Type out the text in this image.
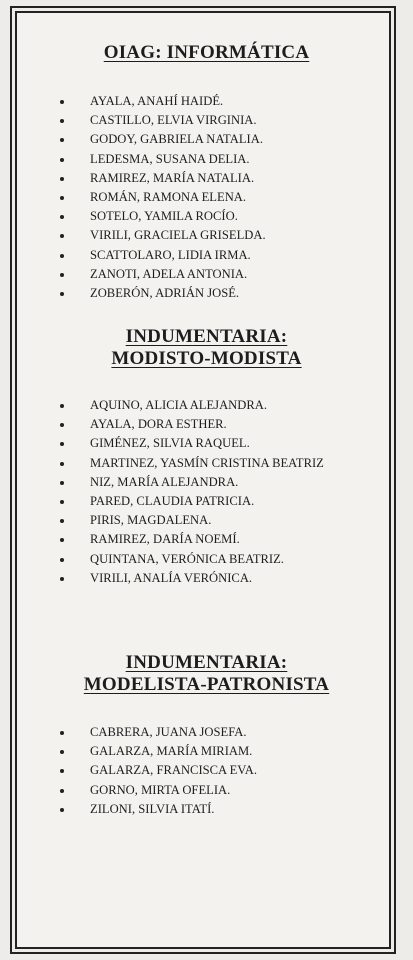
OIAG: INFORMÁTICA
AYALA, ANAHÍ HAIDÉ.
CASTILLO, ELVIA VIRGINIA.
GODOY, GABRIELA NATALIA.
LEDESMA, SUSANA DELIA.
RAMIREZ, MARÍA NATALIA.
ROMÁN, RAMONA ELENA.
SOTELO, YAMILA ROCÍO.
VIRILI, GRACIELA GRISELDA.
SCATTOLARO, LIDIA IRMA.
ZANOTI, ADELA ANTONIA.
ZOBERÓN, ADRIÁN JOSÉ.
INDUMENTARIA:
MODISTO-MODISTA
AQUINO, ALICIA ALEJANDRA.
AYALA, DORA ESTHER.
GIMÉNEZ, SILVIA RAQUEL.
MARTINEZ, YASMÍN CRISTINA BEATRIZ
NIZ, MARÍA ALEJANDRA.
PARED, CLAUDIA PATRICIA.
PIRIS, MAGDALENA.
RAMIREZ, DARÍA NOEMÍ.
QUINTANA, VERÓNICA BEATRIZ.
VIRILI, ANALÍA VERÓNICA.
INDUMENTARIA:
MODELISTA-PATRONISTA
CABRERA, JUANA JOSEFA.
GALARZA, MARÍA MIRIAM.
GALARZA, FRANCISCA EVA.
GORNO, MIRTA OFELIA.
ZILONI, SILVIA ITATÍ.
